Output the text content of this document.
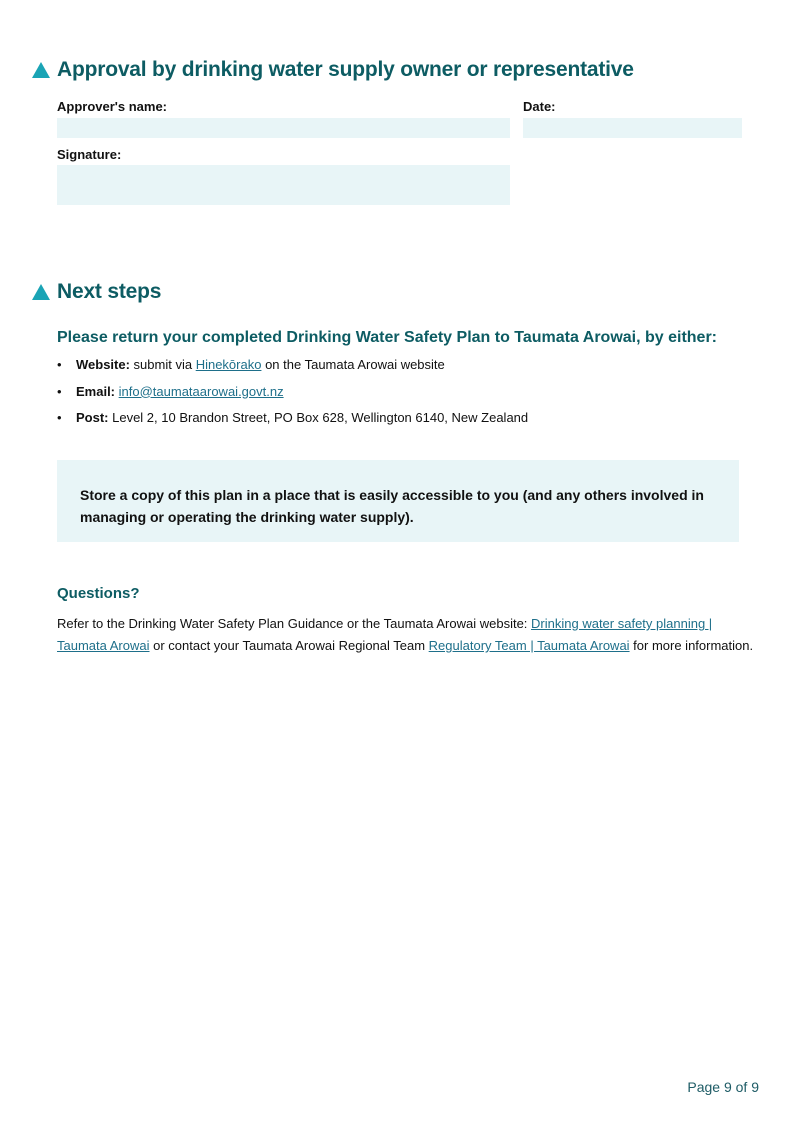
Approval by drinking water supply owner or representative
Approver's name:	Date:
Signature:
Next steps
Please return your completed Drinking Water Safety Plan to Taumata Arowai, by either:
• Website: submit via Hinekōrako on the Taumata Arowai website
• Email: info@taumataarowai.govt.nz
• Post: Level 2, 10 Brandon Street, PO Box 628, Wellington 6140, New Zealand
Store a copy of this plan in a place that is easily accessible to you (and any others involved in managing or operating the drinking water supply).
Questions?
Refer to the Drinking Water Safety Plan Guidance or the Taumata Arowai website: Drinking water safety planning | Taumata Arowai or contact your Taumata Arowai Regional Team Regulatory Team | Taumata Arowai for more information.
Page 9 of 9
